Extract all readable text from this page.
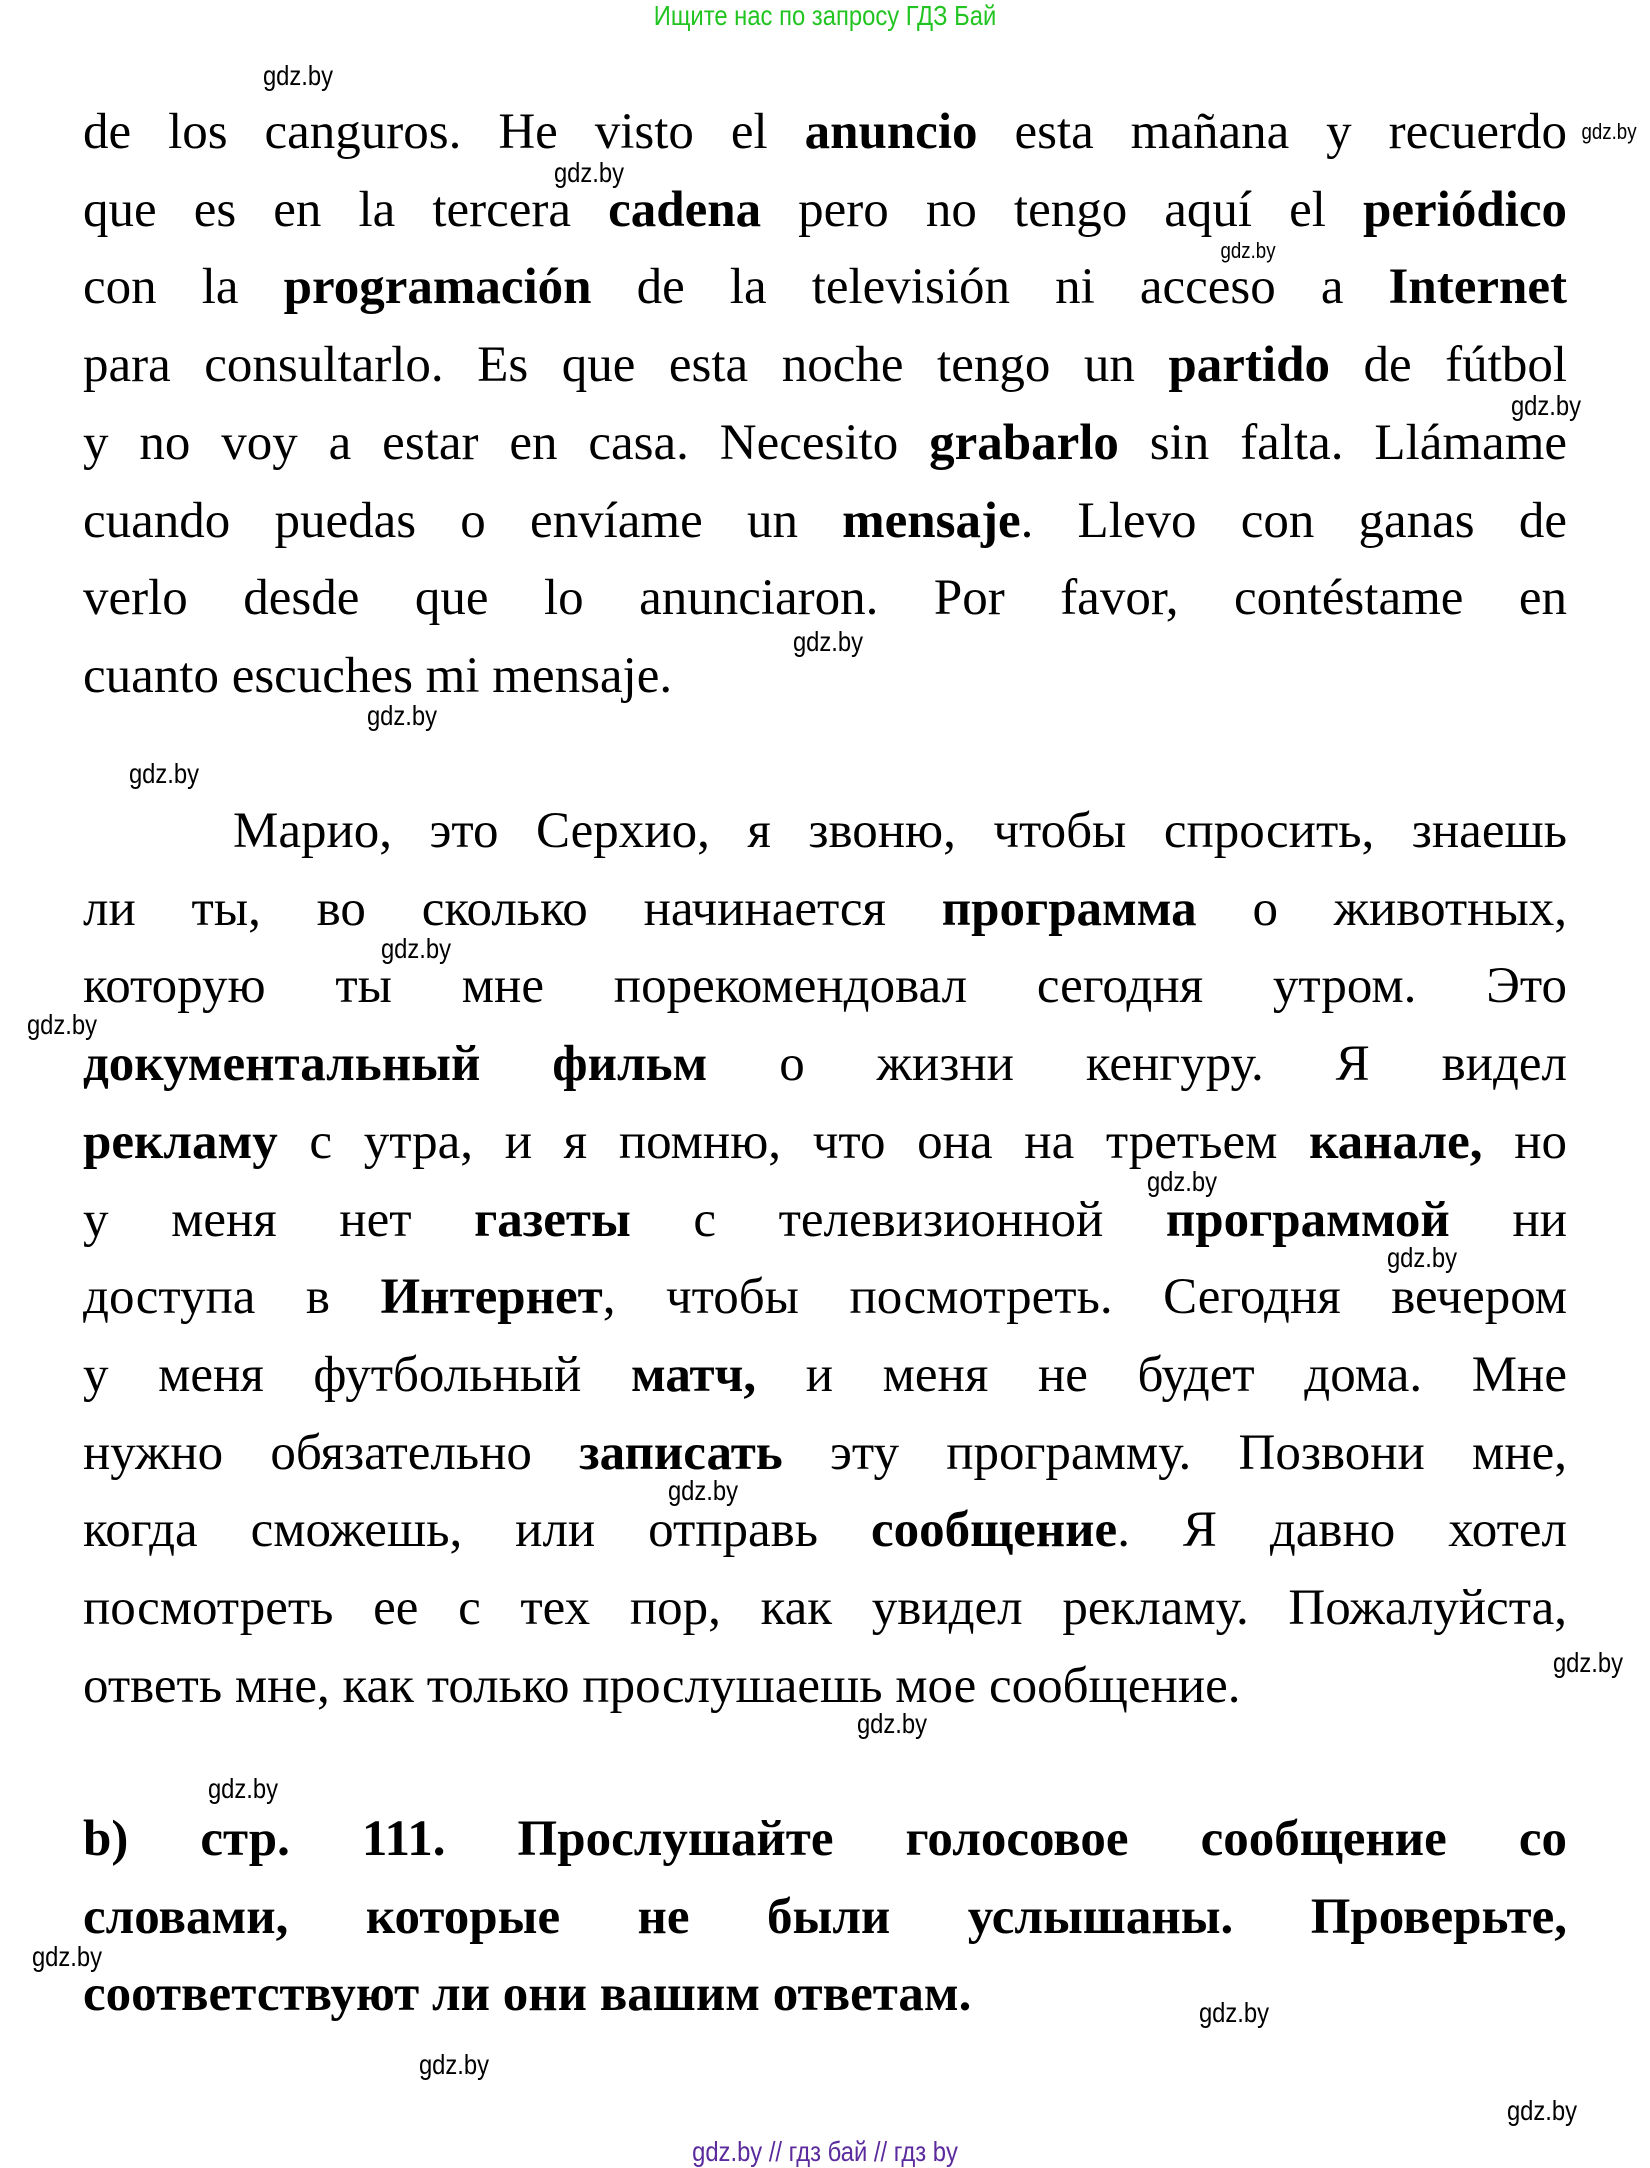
Ищите нас по запросу ГДЗ Бай
de los canguros. He visto el anuncio esta mañana y recuerdo
que es en la tercera cadena pero no tengo aquí el periódico
con la programación de la televisión ni acceso a Internet
para consultarlo. Es que esta noche tengo un partido de fútbol
y no voy a estar en casa. Necesito grabarlo sin falta. Llámame
cuando puedas o envíame un mensaje. Llevo con ganas de
verlo desde que lo anunciaron. Por favor, contéstame en
cuanto escuches mi mensaje.
Марио, это Серхио, я звоню, чтобы спросить, знаешь
ли ты, во сколько начинается программа о животных,
которую ты мне порекомендовал сегодня утром. Это
документальный фильм о жизни кенгуру. Я видел
рекламу с утра, и я помню, что она на третьем канале, но
у меня нет газеты с телевизионной программой ни
доступа в Интернет, чтобы посмотреть. Сегодня вечером
у меня футбольный матч, и меня не будет дома. Мне
нужно обязательно записать эту программу. Позвони мне,
когда сможешь, или отправь сообщение. Я давно хотел
посмотреть ее с тех пор, как увидел рекламу. Пожалуйста,
ответь мне, как только прослушаешь мое сообщение.
b) стр. 111. Прослушайте голосовое сообщение со
словами, которые не были услышаны. Проверьте,
соответствуют ли они вашим ответам.
gdz.by
gdz.by
gdz.by
gdz.by
gdz.by
gdz.by
gdz.by
gdz.by
gdz.by
gdz.by
gdz.by
gdz.by
gdz.by
gdz.by
gdz.by
gdz.by
gdz.by
gdz.by
gdz.by
gdz.by
gdz.by // гдз бай // гдз by
